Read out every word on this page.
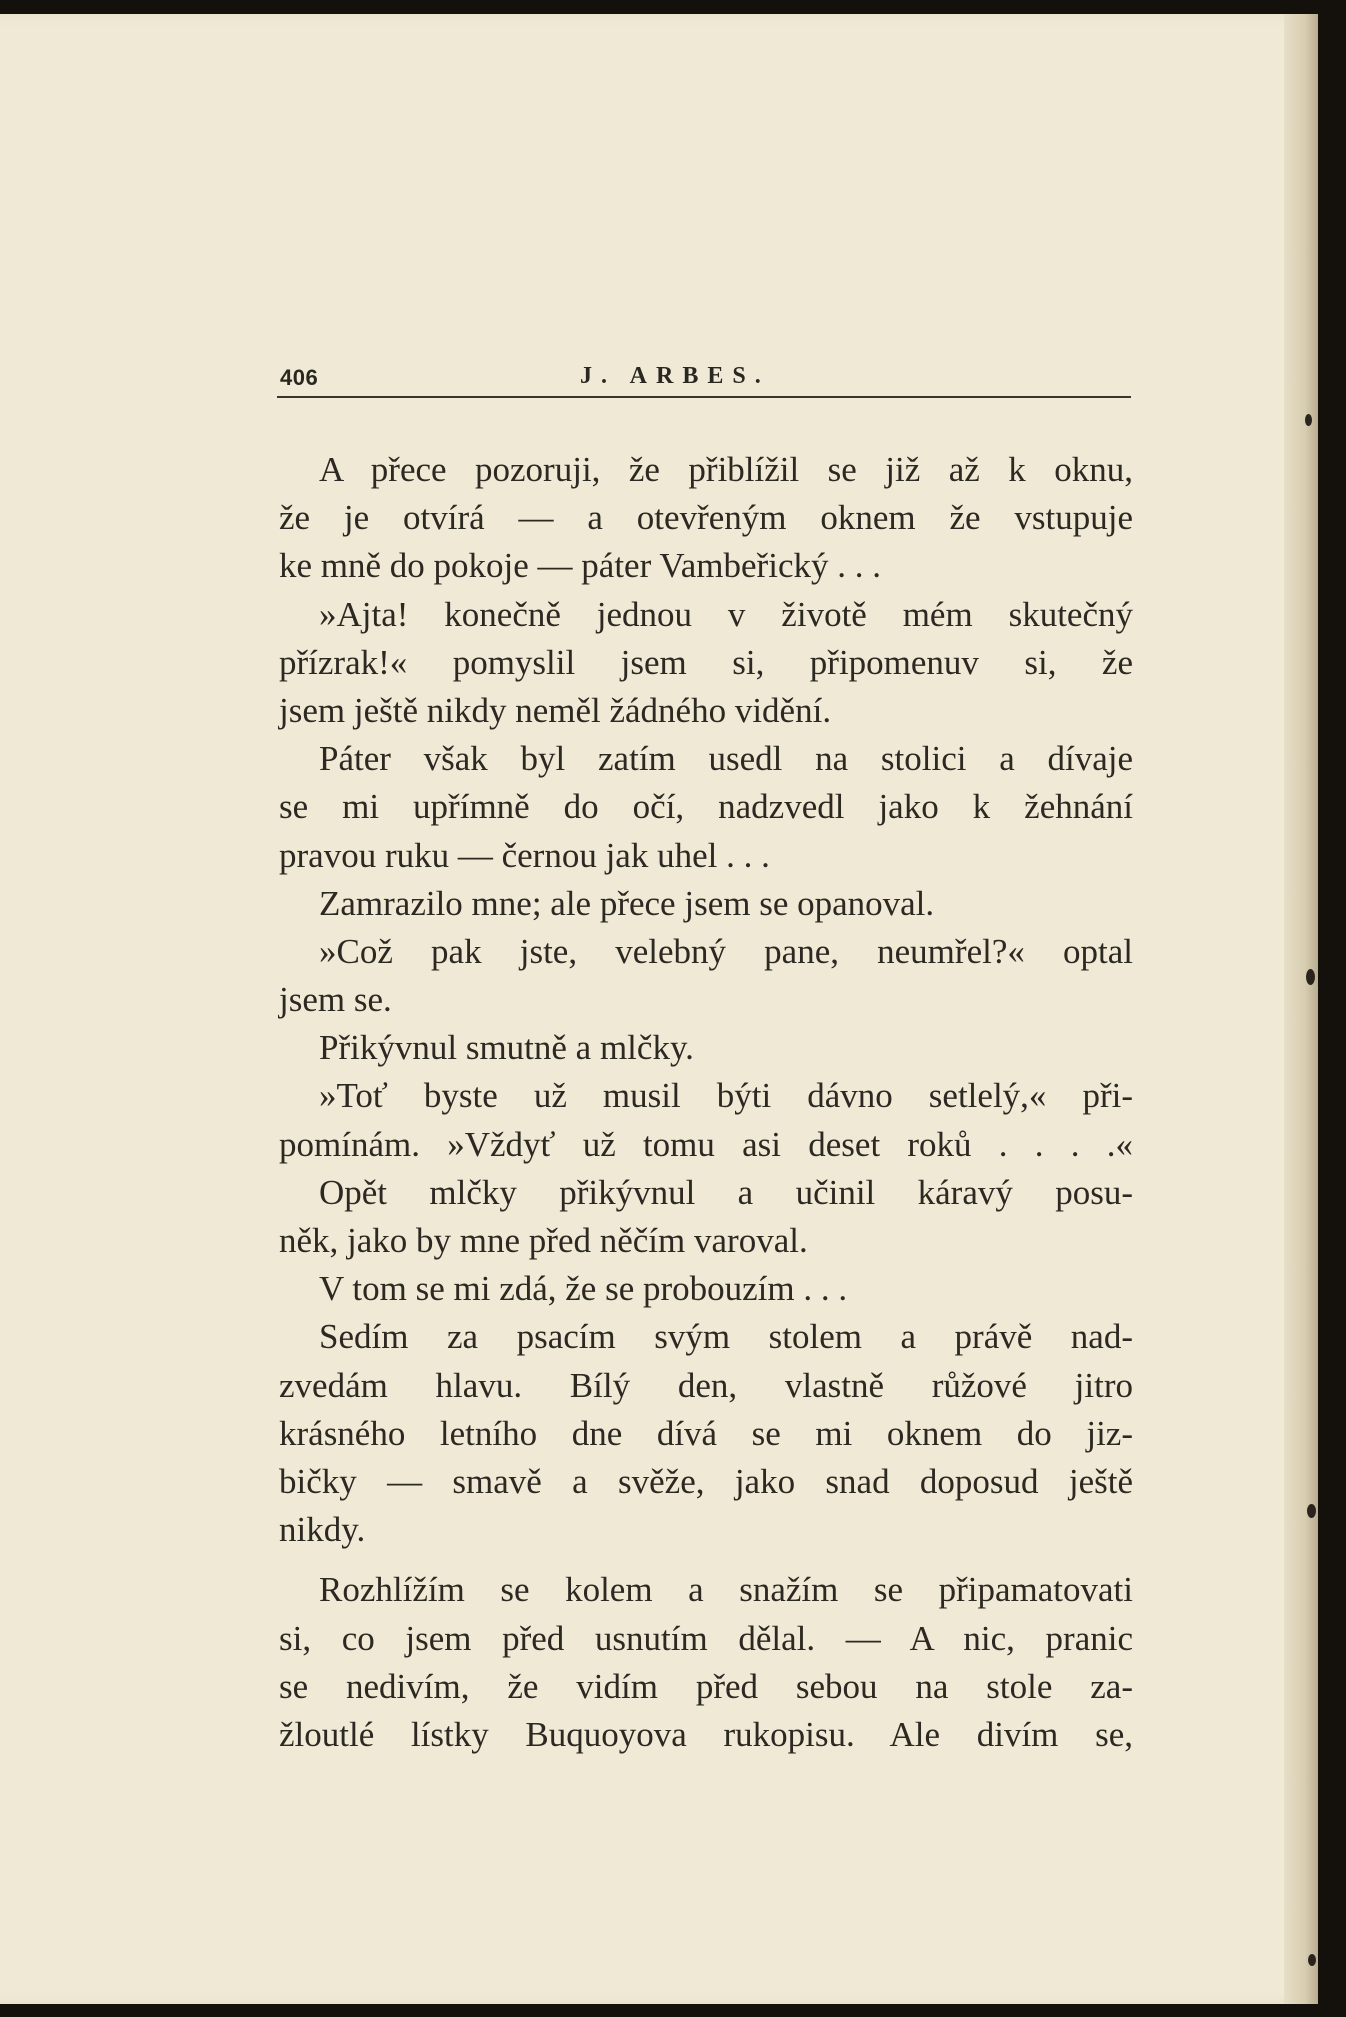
406	J. ARBES.
A přece pozoruji, že přiblížil se již až k oknu,
že je otvírá — a otevřeným oknem že vstupuje
ke mně do pokoje — páter Vambeřický . . .
»Ajta! konečně jednou v životě mém skutečný
přízrak!« pomyslil jsem si, připomenuv si, že
jsem ještě nikdy neměl žádného vidění.
Páter však byl zatím usedl na stolici a dívaje
se mi upřímně do očí, nadzvedl jako k žehnání
pravou ruku — černou jak uhel . . .
Zamrazilo mne; ale přece jsem se opanoval.
»Což pak jste, velebný pane, neumřel?« optal
jsem se.
Přikývnul smutně a mlčky.
»Toť byste už musil býti dávno setlelý,« při-
pomínám. »Vždyť už tomu asi deset roků . . . .«
Opět mlčky přikývnul a učinil káravý posu-
něk, jako by mne před něčím varoval.
V tom se mi zdá, že se probouzím . . .
Sedím za psacím svým stolem a právě nad-
zvedám hlavu. Bílý den, vlastně růžové jitro
krásného letního dne dívá se mi oknem do jiz-
bičky — smavě a svěže, jako snad doposud ještě
nikdy.
Rozhlížím se kolem a snažím se připamatovati
si, co jsem před usnutím dělal. — A nic, pranic
se nedivím, že vidím před sebou na stole za-
žloutlé lístky Buquoyova rukopisu. Ale divím se,
